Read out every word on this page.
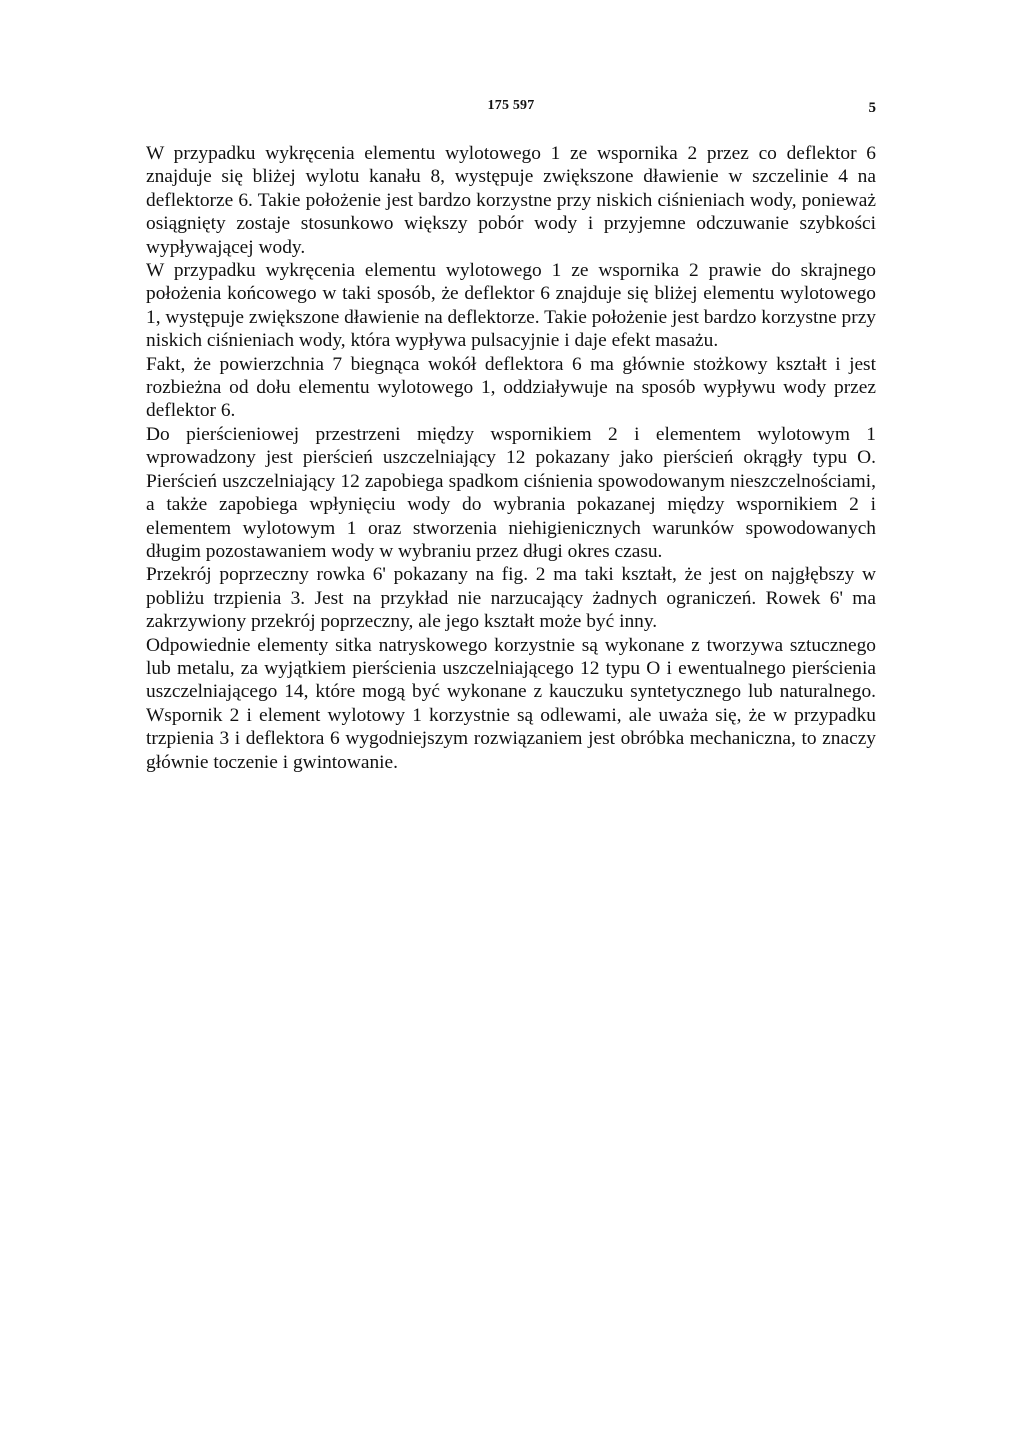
175 597	5

W przypadku wykręcenia elementu wylotowego 1 ze wspornika 2 przez co deflektor 6 znajduje się bliżej wylotu kanału 8, występuje zwiększone dławienie w szczelinie 4 na deflektorze 6. Takie położenie jest bardzo korzystne przy niskich ciśnieniach wody, ponieważ osiągnięty zostaje stosunkowo większy pobór wody i przyjemne odczuwanie szybkości wypływającej wody.

W przypadku wykręcenia elementu wylotowego 1 ze wspornika 2 prawie do skrajnego położenia końcowego w taki sposób, że deflektor 6 znajduje się bliżej elementu wylotowego 1, występuje zwiększone dławienie na deflektorze. Takie położenie jest bardzo korzystne przy niskich ciśnieniach wody, która wypływa pulsacyjnie i daje efekt masażu.

Fakt, że powierzchnia 7 biegnąca wokół deflektora 6 ma głównie stożkowy kształt i jest rozbieżna od dołu elementu wylotowego 1, oddziaływuje na sposób wypływu wody przez deflektor 6.

Do pierścieniowej przestrzeni między wspornikiem 2 i elementem wylotowym 1 wprowadzony jest pierścień uszczelniający 12 pokazany jako pierścień okrągły typu O. Pierścień uszczelniający 12 zapobiega spadkom ciśnienia spowodowanym nieszczelnościami, a także zapobiega wpłynięciu wody do wybrania pokazanej między wspornikiem 2 i elementem wylotowym 1 oraz stworzenia niehigienicznych warunków spowodowanych długim pozostawaniem wody w wybraniu przez długi okres czasu.

Przekrój poprzeczny rowka 6' pokazany na fig. 2 ma taki kształt, że jest on najgłębszy w pobliżu trzpienia 3. Jest na przykład nie narzucający żadnych ograniczeń. Rowek 6' ma zakrzywiony przekrój poprzeczny, ale jego kształt może być inny.

Odpowiednie elementy sitka natryskowego korzystnie są wykonane z tworzywa sztucznego lub metalu, za wyjątkiem pierścienia uszczelniającego 12 typu O i ewentualnego pierścienia uszczelniającego 14, które mogą być wykonane z kauczuku syntetycznego lub naturalnego. Wspornik 2 i element wylotowy 1 korzystnie są odlewami, ale uważa się, że w przypadku trzpienia 3 i deflektora 6 wygodniejszym rozwiązaniem jest obróbka mechaniczna, to znaczy głównie toczenie i gwintowanie.
